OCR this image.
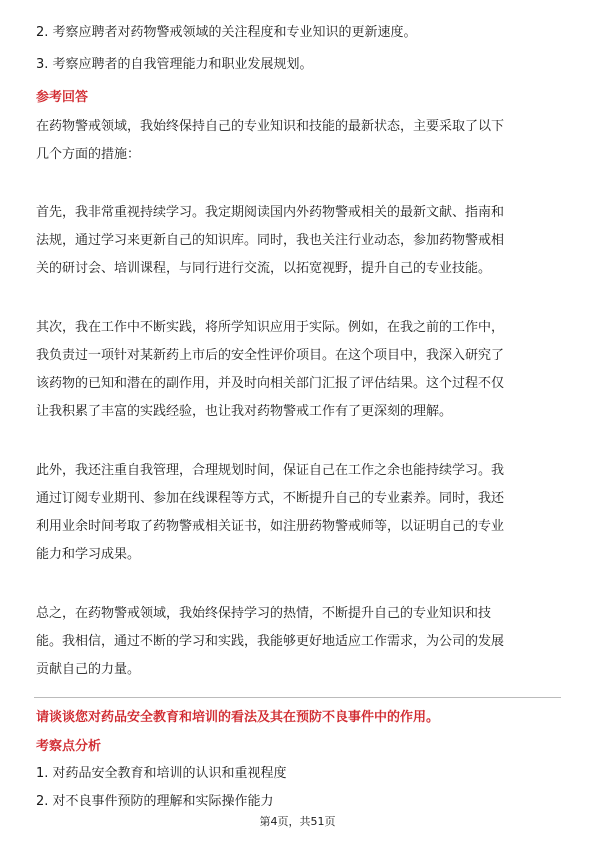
2. 考察应聘者对药物警戒领域的关注程度和专业知识的更新速度。
3. 考察应聘者的自我管理能力和职业发展规划。
参考回答
在药物警戒领域，我始终保持自己的专业知识和技能的最新状态，主要采取了以下
几个方面的措施：
首先，我非常重视持续学习。我定期阅读国内外药物警戒相关的最新文献、指南和
法规，通过学习来更新自己的知识库。同时，我也关注行业动态，参加药物警戒相
关的研讨会、培训课程，与同行进行交流，以拓宽视野，提升自己的专业技能。
其次，我在工作中不断实践，将所学知识应用于实际。例如，在我之前的工作中，
我负责过一项针对某新药上市后的安全性评价项目。在这个项目中，我深入研究了
该药物的已知和潜在的副作用，并及时向相关部门汇报了评估结果。这个过程不仅
让我积累了丰富的实践经验，也让我对药物警戒工作有了更深刻的理解。
此外，我还注重自我管理，合理规划时间，保证自己在工作之余也能持续学习。我
通过订阅专业期刊、参加在线课程等方式，不断提升自己的专业素养。同时，我还
利用业余时间考取了药物警戒相关证书，如注册药物警戒师等，以证明自己的专业
能力和学习成果。
总之，在药物警戒领域，我始终保持学习的热情，不断提升自己的专业知识和技
能。我相信，通过不断的学习和实践，我能够更好地适应工作需求，为公司的发展
贡献自己的力量。
请谈谈您对药品安全教育和培训的看法及其在预防不良事件中的作用。
考察点分析
1. 对药品安全教育和培训的认识和重视程度
2. 对不良事件预防的理解和实际操作能力
第4页，共51页
